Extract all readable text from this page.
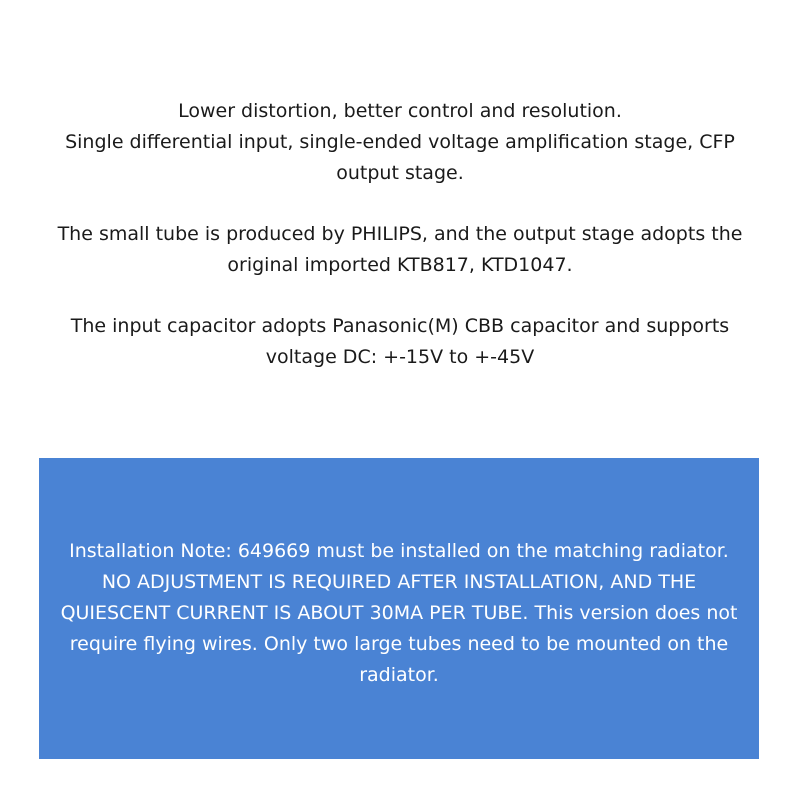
Lower distortion, better control and resolution.
Single differential input, single-ended voltage amplification stage, CFP output stage.

The small tube is produced by PHILIPS, and the output stage adopts the original imported KTB817, KTD1047.

The input capacitor adopts Panasonic(M) CBB capacitor and supports voltage DC: +-15V to +-45V

Installation Note: 649669 must be installed on the matching radiator. NO ADJUSTMENT IS REQUIRED AFTER INSTALLATION, AND THE QUIESCENT CURRENT IS ABOUT 30MA PER TUBE. This version does not require flying wires. Only two large tubes need to be mounted on the radiator.
